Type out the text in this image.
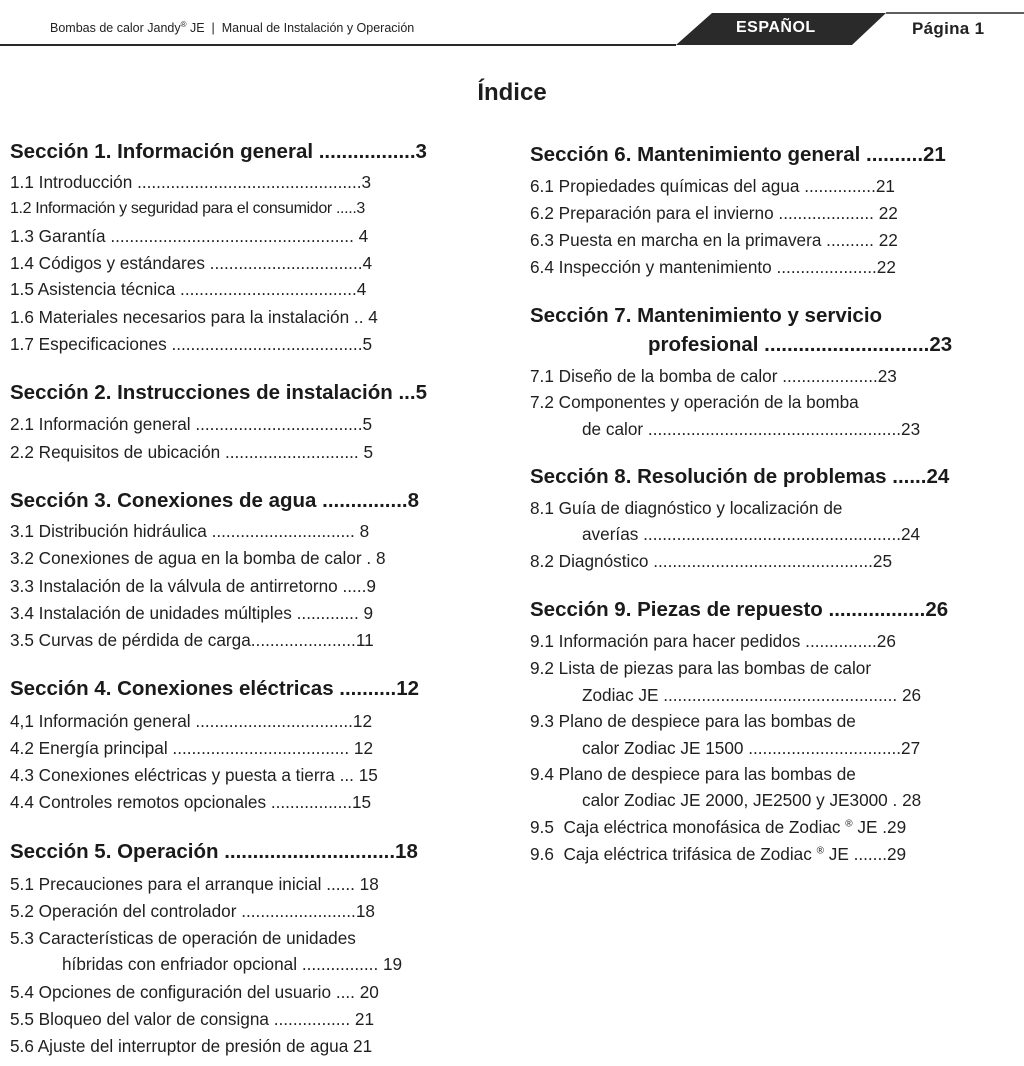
Bombas de calor Jandy® JE  |  Manual de Instalación y Operación	ESPAÑOL	Página 1
Índice
Sección 1. Información general .................3
1.1 Introducción ...............................................3
1.2 Información y seguridad para el consumidor .....3
1.3 Garantía ................................................... 4
1.4 Códigos y estándares ................................4
1.5 Asistencia técnica .....................................4
1.6 Materiales necesarios para la instalación .. 4
1.7 Especificaciones ........................................5
Sección 2. Instrucciones de instalación ...5
2.1 Información general ...................................5
2.2 Requisitos de ubicación ............................ 5
Sección 3. Conexiones de agua ...............8
3.1 Distribución hidráulica .............................. 8
3.2 Conexiones de agua en la bomba de calor . 8
3.3 Instalación de la válvula de antirretorno .....9
3.4 Instalación de unidades múltiples ............. 9
3.5 Curvas de pérdida de carga......................11
Sección 4. Conexiones eléctricas ..........12
4,1 Información general .................................12
4.2 Energía principal ..................................... 12
4.3 Conexiones eléctricas y puesta a tierra ... 15
4.4 Controles remotos opcionales .................15
Sección 5. Operación ..............................18
5.1 Precauciones para el arranque inicial ...... 18
5.2 Operación del controlador ........................18
5.3 Características de operación de unidades
híbridas con enfriador opcional ................ 19
5.4 Opciones de configuración del usuario .... 20
5.5 Bloqueo del valor de consigna ................ 21
5.6 Ajuste del interruptor de presión de agua 21
Sección 6. Mantenimiento general ..........21
6.1 Propiedades químicas del agua ...............21
6.2 Preparación para el invierno .................... 22
6.3 Puesta en marcha en la primavera .......... 22
6.4 Inspección y mantenimiento .....................22
Sección 7. Mantenimiento y servicio
profesional .............................23
7.1 Diseño de la bomba de calor ....................23
7.2 Componentes y operación de la bomba
de calor .....................................................23
Sección 8. Resolución de problemas ......24
8.1 Guía de diagnóstico y localización de
averías ......................................................24
8.2 Diagnóstico ..............................................25
Sección 9. Piezas de repuesto .................26
9.1 Información para hacer pedidos ...............26
9.2 Lista de piezas para las bombas de calor
Zodiac JE ................................................. 26
9.3 Plano de despiece para las bombas de
calor Zodiac JE 1500 ................................27
9.4 Plano de despiece para las bombas de
calor Zodiac JE 2000, JE2500 y JE3000 . 28
9.5  Caja eléctrica monofásica de Zodiac ® JE .29
9.6  Caja eléctrica trifásica de Zodiac ® JE .......29
